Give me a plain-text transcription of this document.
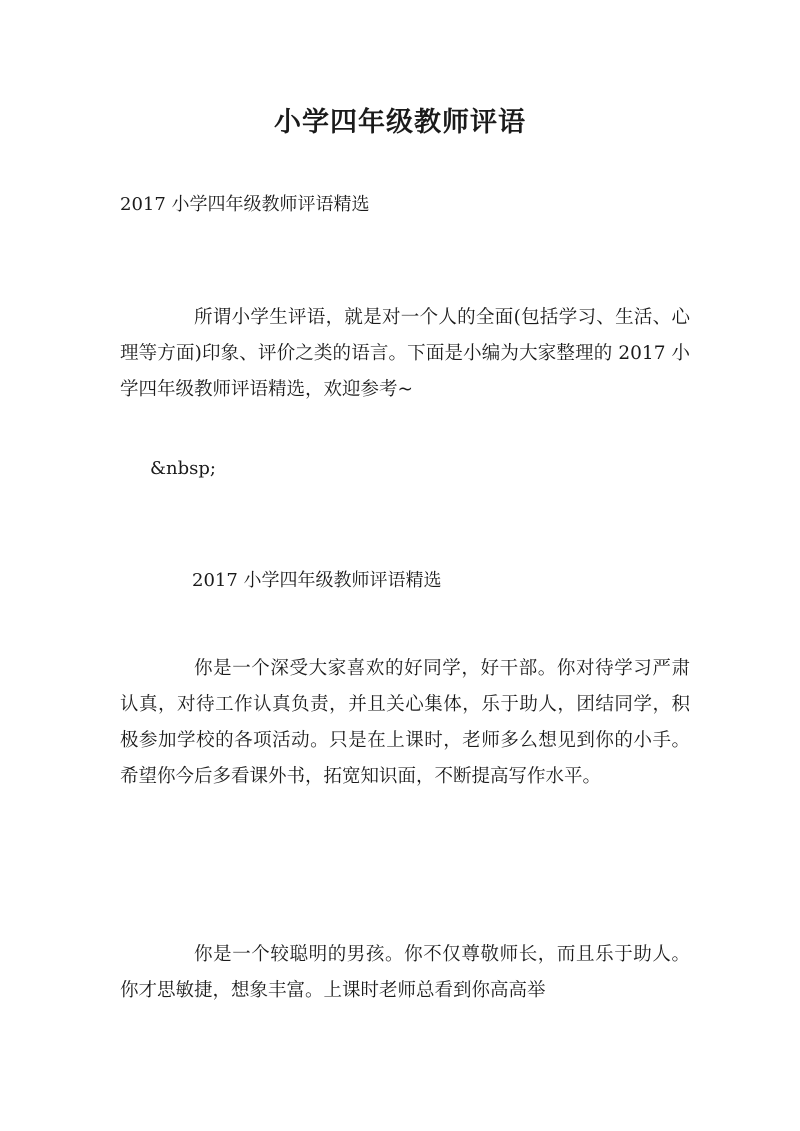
小学四年级教师评语

2017 小学四年级教师评语精选

所谓小学生评语，就是对一个人的全面(包括学习、生活、心理等方面)印象、评价之类的语言。下面是小编为大家整理的 2017 小学四年级教师评语精选，欢迎参考~

&nbsp;

2017 小学四年级教师评语精选

你是一个深受大家喜欢的好同学，好干部。你对待学习严肃认真，对待工作认真负责，并且关心集体，乐于助人，团结同学，积极参加学校的各项活动。只是在上课时，老师多么想见到你的小手。希望你今后多看课外书，拓宽知识面，不断提高写作水平。

你是一个较聪明的男孩。你不仅尊敬师长，而且乐于助人。你才思敏捷，想象丰富。上课时老师总看到你高高举
